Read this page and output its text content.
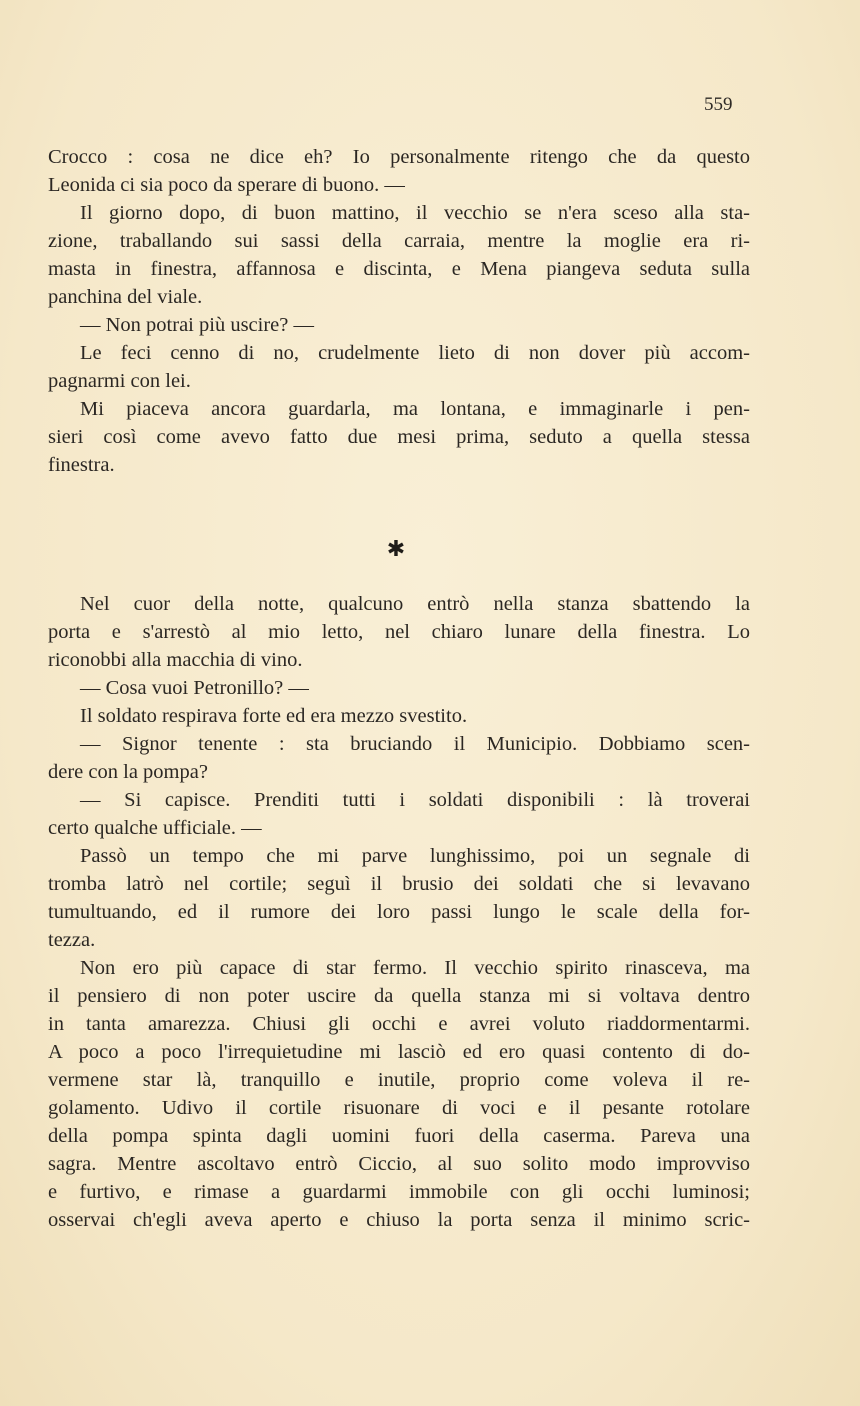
559
Crocco : cosa ne dice eh? Io personalmente ritengo che da questo
Leonida ci sia poco da sperare di buono. —
Il giorno dopo, di buon mattino, il vecchio se n'era sceso alla sta-
zione, traballando sui sassi della carraia, mentre la moglie era ri-
masta in finestra, affannosa e discinta, e Mena piangeva seduta sulla
panchina del viale.
— Non potrai più uscire? —
Le feci cenno di no, crudelmente lieto di non dover più accom-
pagnarmi con lei.
Mi piaceva ancora guardarla, ma lontana, e immaginarle i pen-
sieri così come avevo fatto due mesi prima, seduto a quella stessa
finestra.
✱
Nel cuor della notte, qualcuno entrò nella stanza sbattendo la
porta e s'arrestò al mio letto, nel chiaro lunare della finestra. Lo
riconobbi alla macchia di vino.
— Cosa vuoi Petronillo? —
Il soldato respirava forte ed era mezzo svestito.
— Signor tenente : sta bruciando il Municipio. Dobbiamo scen-
dere con la pompa?
— Si capisce. Prenditi tutti i soldati disponibili : là troverai
certo qualche ufficiale. —
Passò un tempo che mi parve lunghissimo, poi un segnale di
tromba latrò nel cortile; seguì il brusio dei soldati che si levavano
tumultuando, ed il rumore dei loro passi lungo le scale della for-
tezza.
Non ero più capace di star fermo. Il vecchio spirito rinasceva, ma
il pensiero di non poter uscire da quella stanza mi si voltava dentro
in tanta amarezza. Chiusi gli occhi e avrei voluto riaddormentarmi.
A poco a poco l'irrequietudine mi lasciò ed ero quasi contento di do-
vermene star là, tranquillo e inutile, proprio come voleva il re-
golamento. Udivo il cortile risuonare di voci e il pesante rotolare
della pompa spinta dagli uomini fuori della caserma. Pareva una
sagra. Mentre ascoltavo entrò Ciccio, al suo solito modo improvviso
e furtivo, e rimase a guardarmi immobile con gli occhi luminosi;
osservai ch'egli aveva aperto e chiuso la porta senza il minimo scric-
